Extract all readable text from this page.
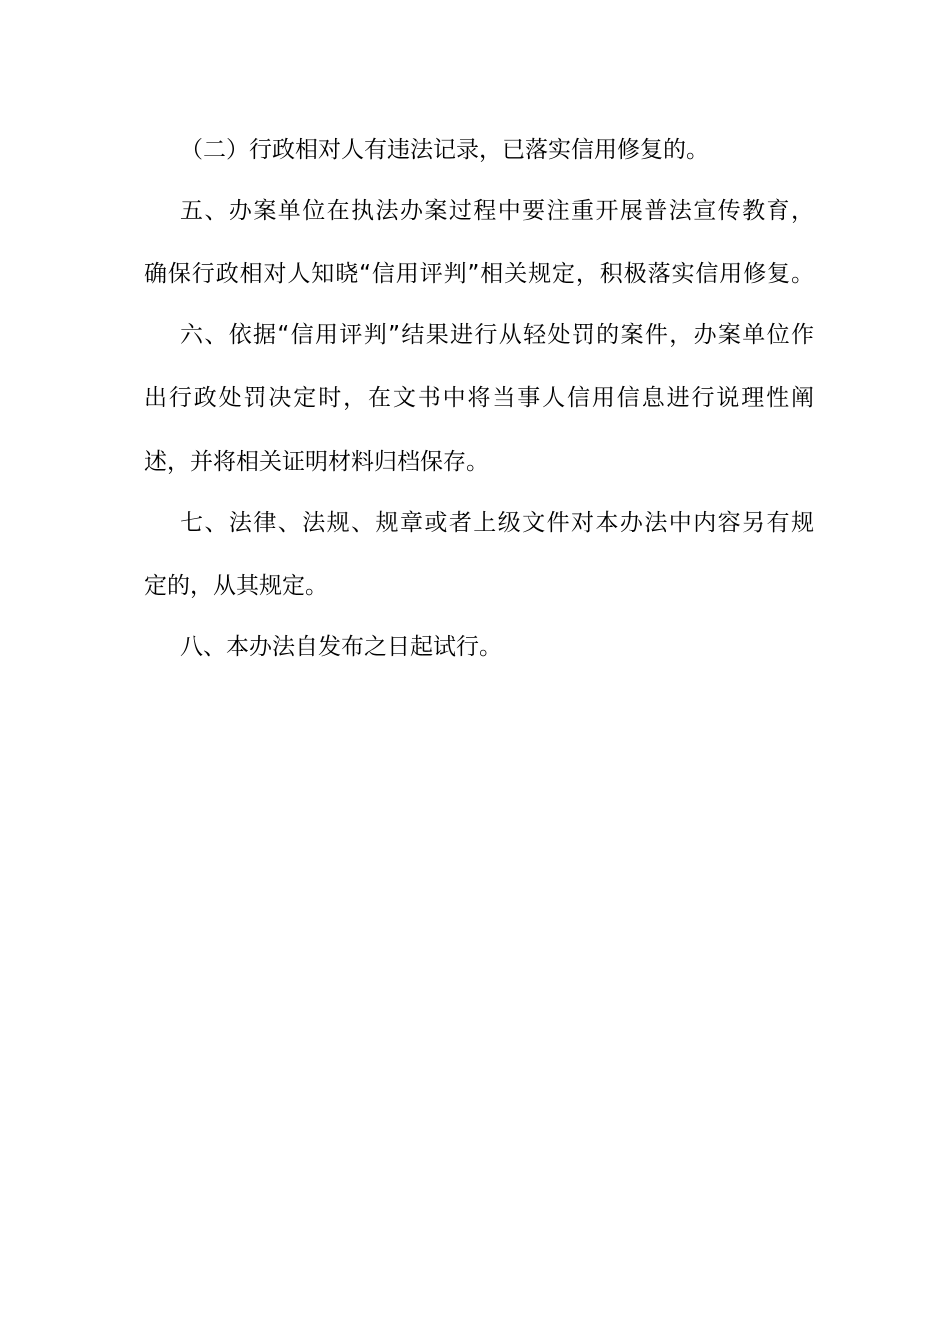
（二）行政相对人有违法记录，已落实信用修复的。
五、办案单位在执法办案过程中要注重开展普法宣传教育，
确保行政相对人知晓“信用评判”相关规定，积极落实信用修复。
六、依据“信用评判”结果进行从轻处罚的案件，办案单位作
出行政处罚决定时，在文书中将当事人信用信息进行说理性阐
述，并将相关证明材料归档保存。
七、法律、法规、规章或者上级文件对本办法中内容另有规
定的，从其规定。
八、本办法自发布之日起试行。
